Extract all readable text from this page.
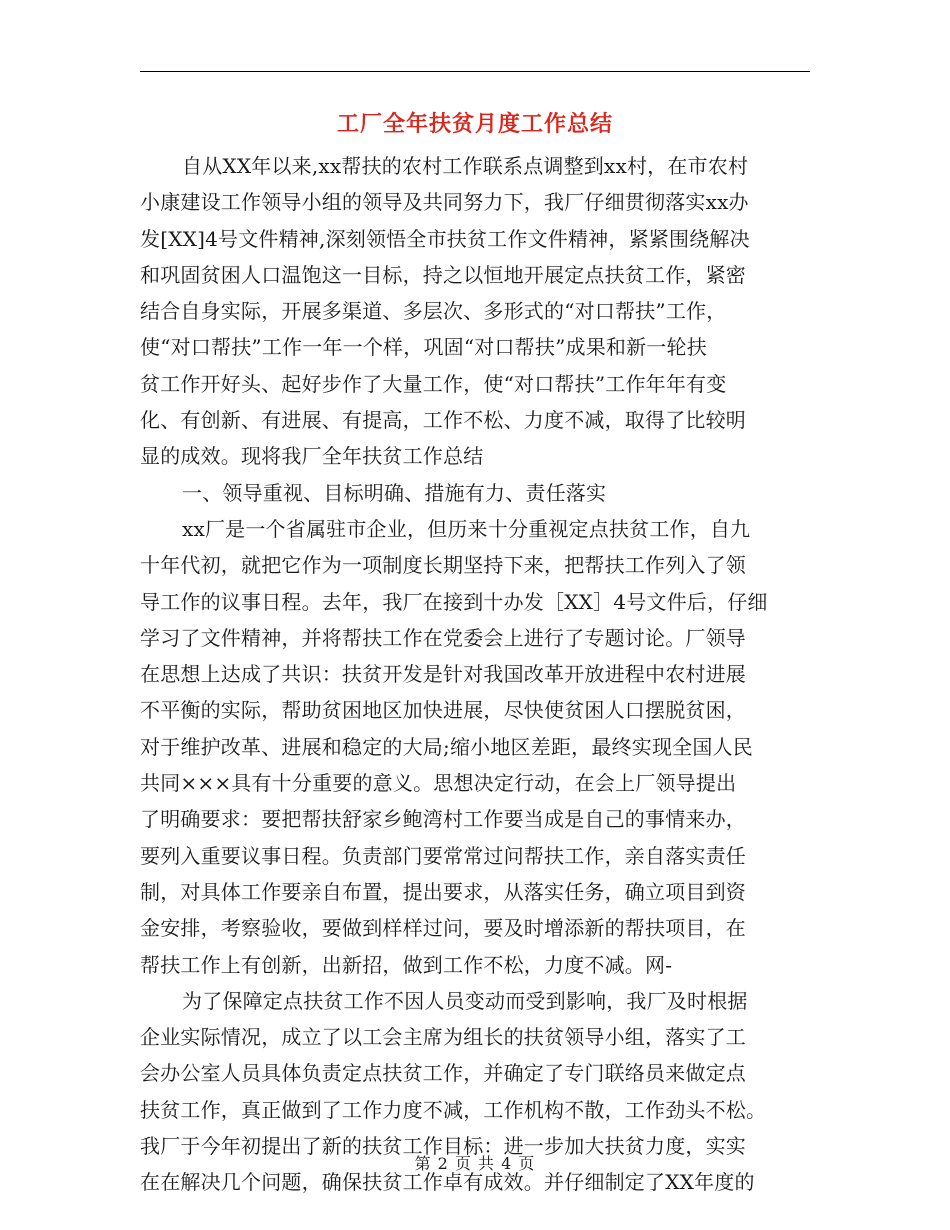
工厂全年扶贫月度工作总结
自从XX年以来,xx帮扶的农村工作联系点调整到xx村，在市农村
小康建设工作领导小组的领导及共同努力下，我厂仔细贯彻落实xx办
发[XX]4号文件精神,深刻领悟全市扶贫工作文件精神，紧紧围绕解决
和巩固贫困人口温饱这一目标，持之以恒地开展定点扶贫工作，紧密
结合自身实际，开展多渠道、多层次、多形式的“对口帮扶”工作，
使“对口帮扶”工作一年一个样，巩固“对口帮扶”成果和新一轮扶
贫工作开好头、起好步作了大量工作，使“对口帮扶”工作年年有变
化、有创新、有进展、有提高，工作不松、力度不减，取得了比较明
显的成效。现将我厂全年扶贫工作总结
一、领导重视、目标明确、措施有力、责任落实
xx厂是一个省属驻市企业，但历来十分重视定点扶贫工作，自九
十年代初，就把它作为一项制度长期坚持下来，把帮扶工作列入了领
导工作的议事日程。去年，我厂在接到十办发［XX］4号文件后，仔细
学习了文件精神，并将帮扶工作在党委会上进行了专题讨论。厂领导
在思想上达成了共识：扶贫开发是针对我国改革开放进程中农村进展
不平衡的实际，帮助贫困地区加快进展，尽快使贫困人口摆脱贫困，
对于维护改革、进展和稳定的大局;缩小地区差距，最终实现全国人民
共同×××具有十分重要的意义。思想决定行动，在会上厂领导提出
了明确要求：要把帮扶舒家乡鲍湾村工作要当成是自己的事情来办，
要列入重要议事日程。负责部门要常常过问帮扶工作，亲自落实责任
制，对具体工作要亲自布置，提出要求，从落实任务，确立项目到资
金安排，考察验收，要做到样样过问，要及时增添新的帮扶项目，在
帮扶工作上有创新，出新招，做到工作不松，力度不减。网-
为了保障定点扶贫工作不因人员变动而受到影响，我厂及时根据
企业实际情况，成立了以工会主席为组长的扶贫领导小组，落实了工
会办公室人员具体负责定点扶贫工作，并确定了专门联络员来做定点
扶贫工作，真正做到了工作力度不减，工作机构不散，工作劲头不松。
我厂于今年初提出了新的扶贫工作目标：进一步加大扶贫力度，实实
在在解决几个问题，确保扶贫工作卓有成效。并仔细制定了XX年度的
第 2 页 共 4 页
